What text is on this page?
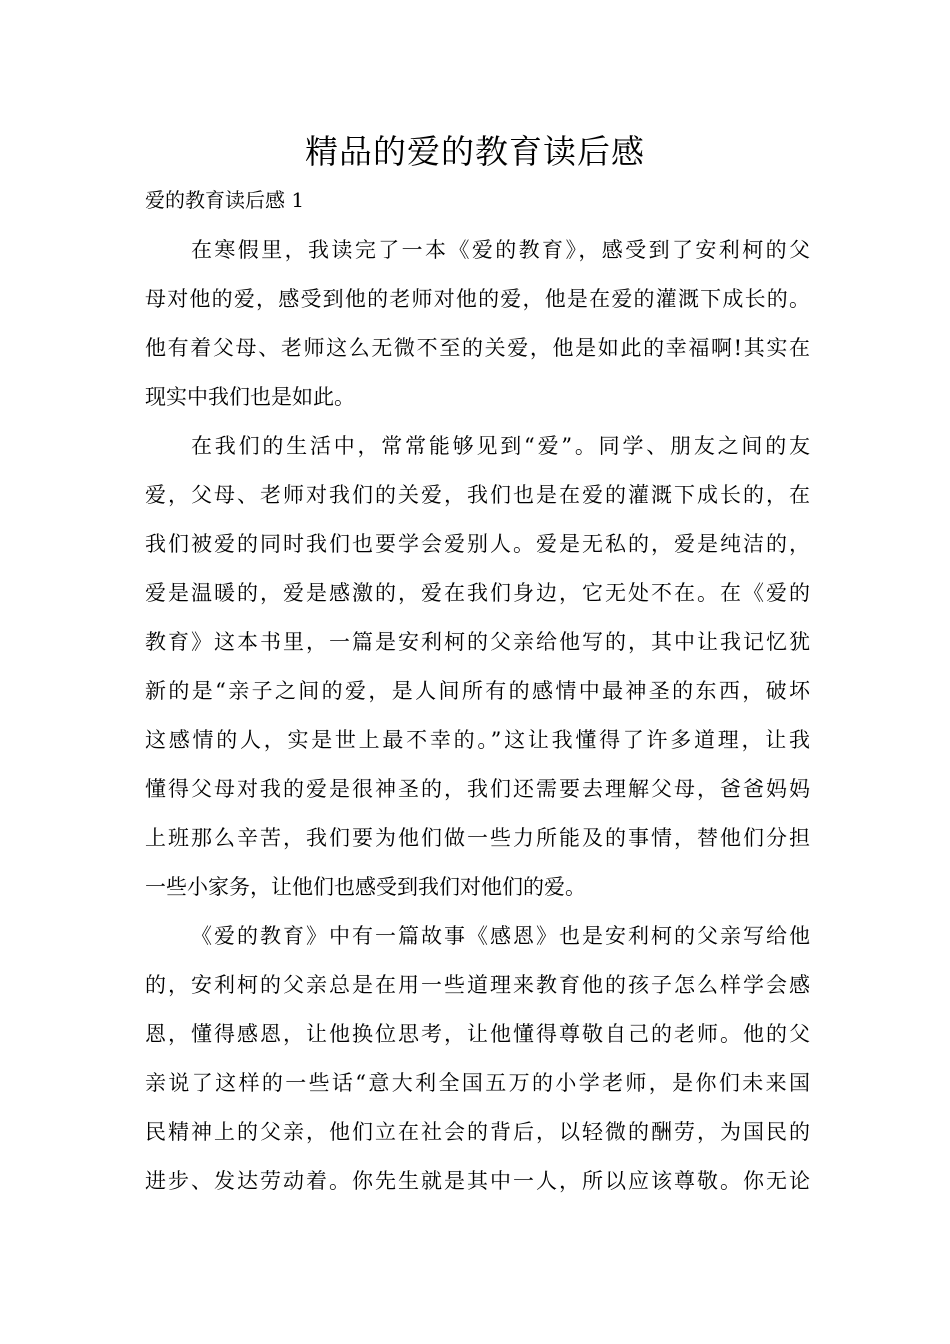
精品的爱的教育读后感
爱的教育读后感 1
在寒假里，我读完了一本《爱的教育》，感受到了安利柯的父
母对他的爱，感受到他的老师对他的爱，他是在爱的灌溉下成长的。
他有着父母、老师这么无微不至的关爱，他是如此的幸福啊!其实在
现实中我们也是如此。
在我们的生活中，常常能够见到“爱”。同学、朋友之间的友
爱，父母、老师对我们的关爱，我们也是在爱的灌溉下成长的，在
我们被爱的同时我们也要学会爱别人。爱是无私的，爱是纯洁的，
爱是温暖的，爱是感激的，爱在我们身边，它无处不在。在《爱的
教育》这本书里，一篇是安利柯的父亲给他写的，其中让我记忆犹
新的是“亲子之间的爱，是人间所有的感情中最神圣的东西，破坏
这感情的人，实是世上最不幸的。”这让我懂得了许多道理，让我
懂得父母对我的爱是很神圣的，我们还需要去理解父母，爸爸妈妈
上班那么辛苦，我们要为他们做一些力所能及的事情，替他们分担
一些小家务，让他们也感受到我们对他们的爱。
《爱的教育》中有一篇故事《感恩》也是安利柯的父亲写给他
的，安利柯的父亲总是在用一些道理来教育他的孩子怎么样学会感
恩，懂得感恩，让他换位思考，让他懂得尊敬自己的老师。他的父
亲说了这样的一些话“意大利全国五万的小学老师，是你们未来国
民精神上的父亲，他们立在社会的背后，以轻微的酬劳，为国民的
进步、发达劳动着。你先生就是其中一人，所以应该尊敬。你无论
